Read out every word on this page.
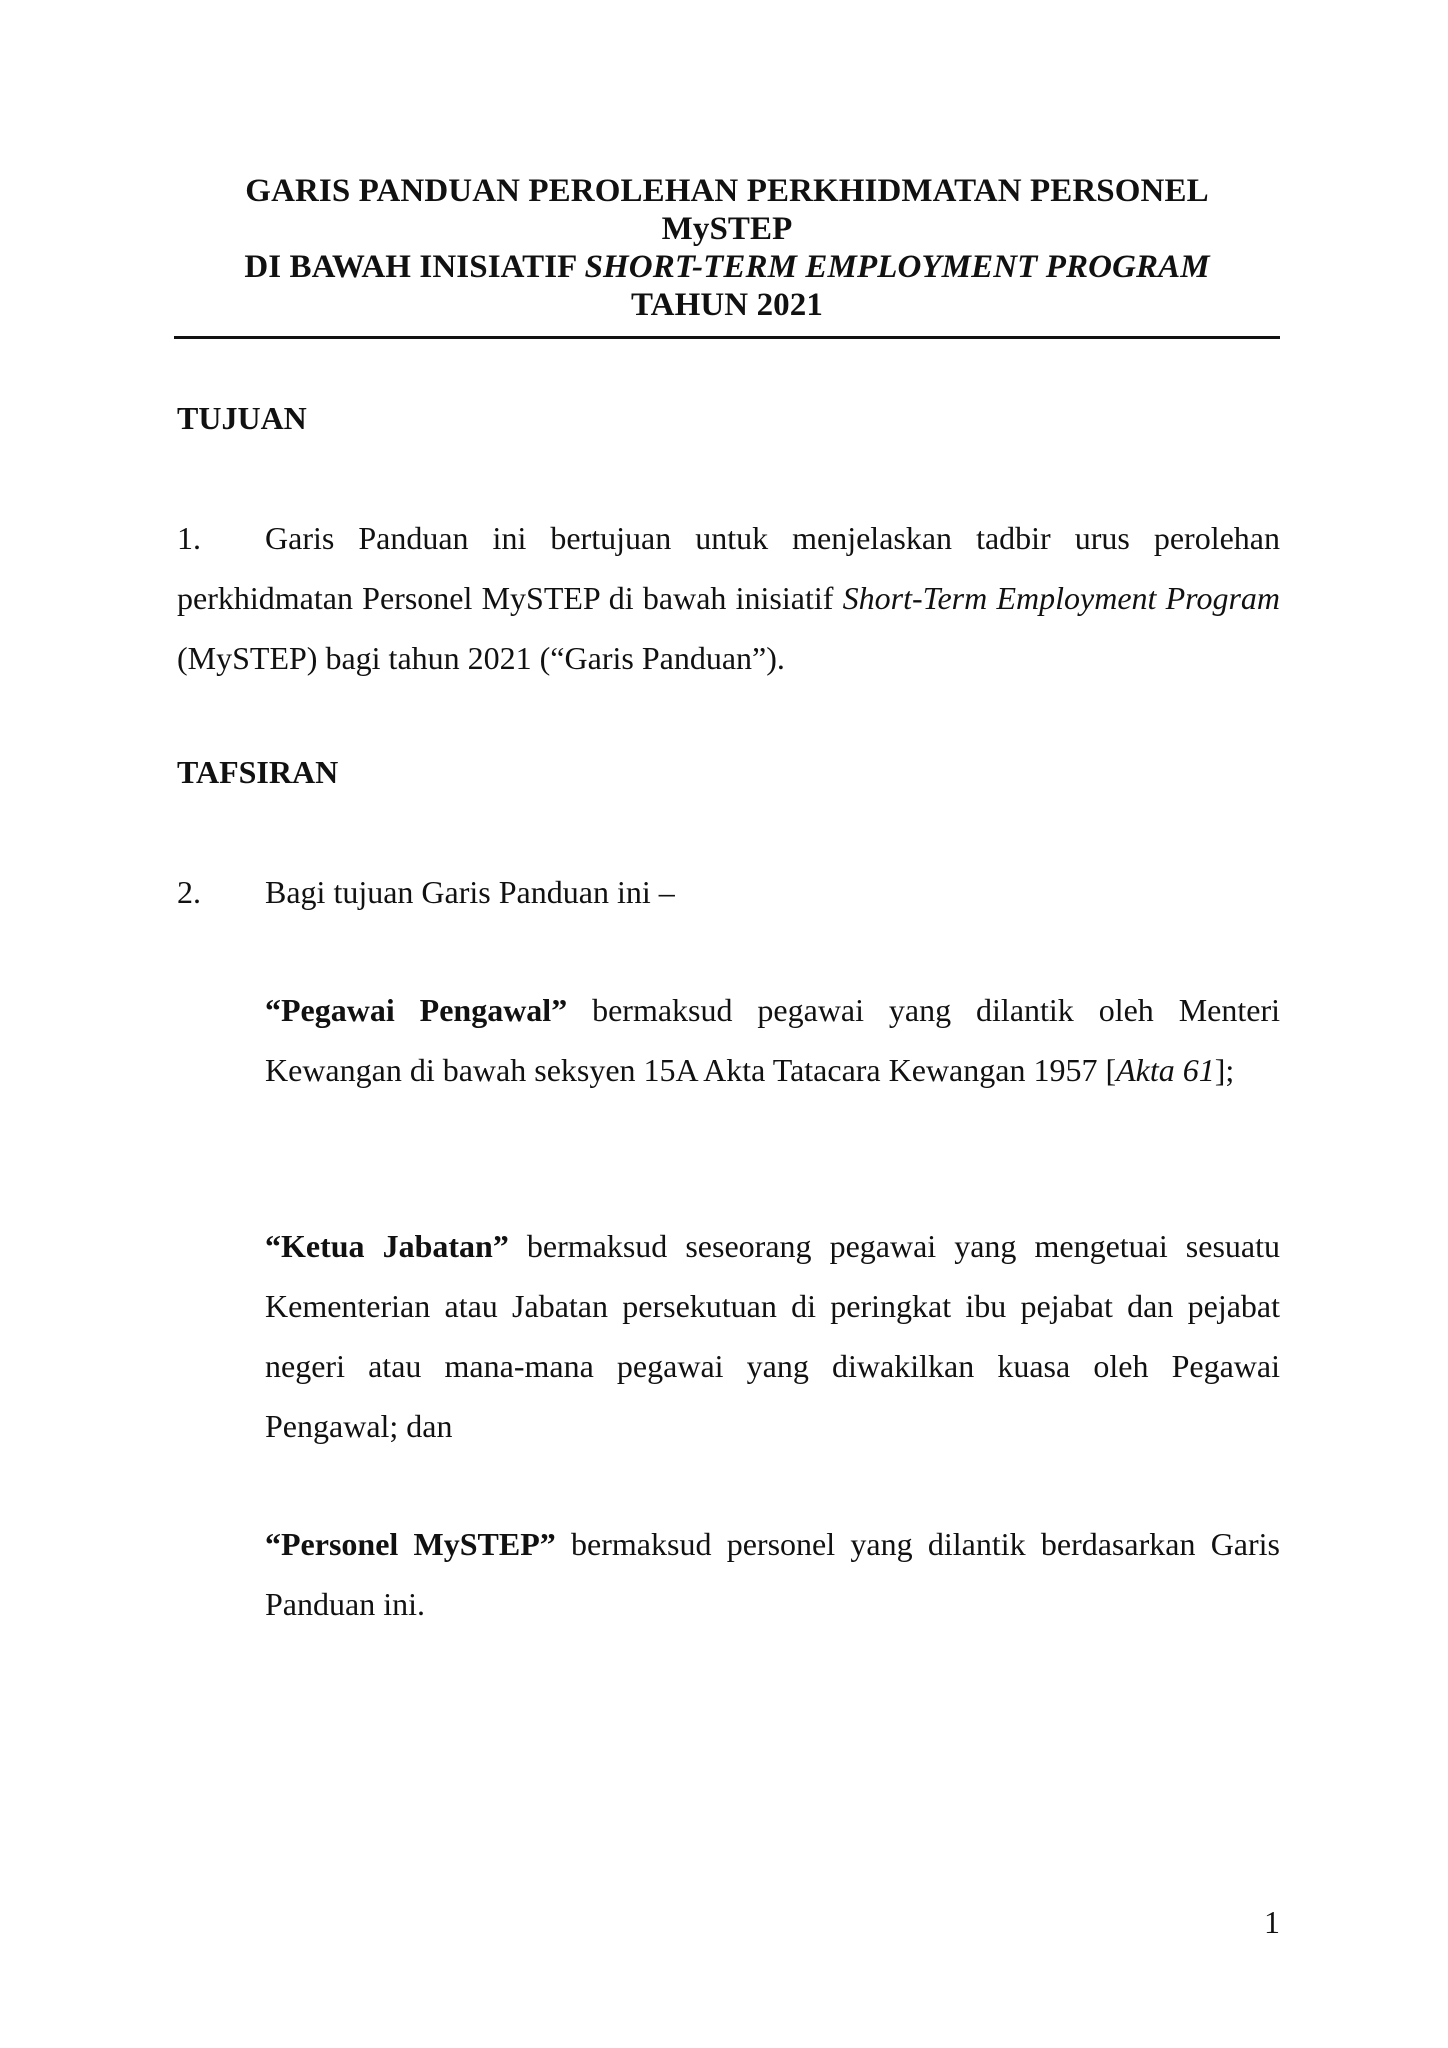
GARIS PANDUAN PEROLEHAN PERKHIDMATAN PERSONEL
MySTEP
DI BAWAH INISIATIF SHORT-TERM EMPLOYMENT PROGRAM
TAHUN 2021
TUJUAN
1.	Garis Panduan ini bertujuan untuk menjelaskan tadbir urus perolehan perkhidmatan Personel MySTEP di bawah inisiatif Short-Term Employment Program (MySTEP) bagi tahun 2021 (“Garis Panduan”).
TAFSIRAN
2. Bagi tujuan Garis Panduan ini –
“Pegawai Pengawal” bermaksud pegawai yang dilantik oleh Menteri Kewangan di bawah seksyen 15A Akta Tatacara Kewangan 1957 [Akta 61];
“Ketua Jabatan” bermaksud seseorang pegawai yang mengetuai sesuatu Kementerian atau Jabatan persekutuan di peringkat ibu pejabat dan pejabat negeri atau mana-mana pegawai yang diwakilkan kuasa oleh Pegawai Pengawal; dan
“Personel MySTEP” bermaksud personel yang dilantik berdasarkan Garis Panduan ini.
1
